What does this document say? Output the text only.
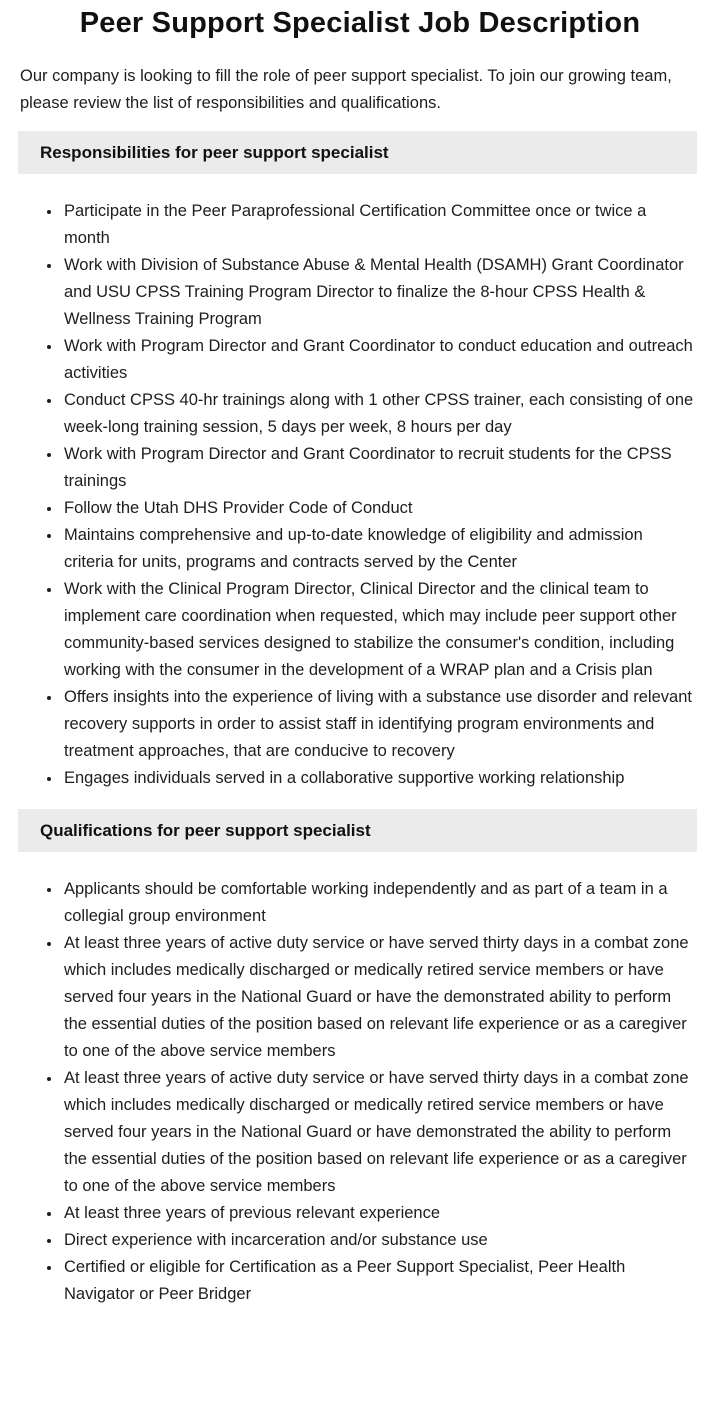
Peer Support Specialist Job Description

Our company is looking to fill the role of peer support specialist. To join our growing team, please review the list of responsibilities and qualifications.

Responsibilities for peer support specialist
• Participate in the Peer Paraprofessional Certification Committee once or twice a month
• Work with Division of Substance Abuse & Mental Health (DSAMH) Grant Coordinator and USU CPSS Training Program Director to finalize the 8-hour CPSS Health & Wellness Training Program
• Work with Program Director and Grant Coordinator to conduct education and outreach activities
• Conduct CPSS 40-hr trainings along with 1 other CPSS trainer, each consisting of one week-long training session, 5 days per week, 8 hours per day
• Work with Program Director and Grant Coordinator to recruit students for the CPSS trainings
• Follow the Utah DHS Provider Code of Conduct
• Maintains comprehensive and up-to-date knowledge of eligibility and admission criteria for units, programs and contracts served by the Center
• Work with the Clinical Program Director, Clinical Director and the clinical team to implement care coordination when requested, which may include peer support other community-based services designed to stabilize the consumer's condition, including working with the consumer in the development of a WRAP plan and a Crisis plan
• Offers insights into the experience of living with a substance use disorder and relevant recovery supports in order to assist staff in identifying program environments and treatment approaches, that are conducive to recovery
• Engages individuals served in a collaborative supportive working relationship
Qualifications for peer support specialist
• Applicants should be comfortable working independently and as part of a team in a collegial group environment
• At least three years of active duty service or have served thirty days in a combat zone which includes medically discharged or medically retired service members or have served four years in the National Guard or have the demonstrated ability to perform the essential duties of the position based on relevant life experience or as a caregiver to one of the above service members
• At least three years of active duty service or have served thirty days in a combat zone which includes medically discharged or medically retired service members or have served four years in the National Guard or have demonstrated the ability to perform the essential duties of the position based on relevant life experience or as a caregiver to one of the above service members
• At least three years of previous relevant experience
• Direct experience with incarceration and/or substance use
• Certified or eligible for Certification as a Peer Support Specialist, Peer Health Navigator or Peer Bridger
